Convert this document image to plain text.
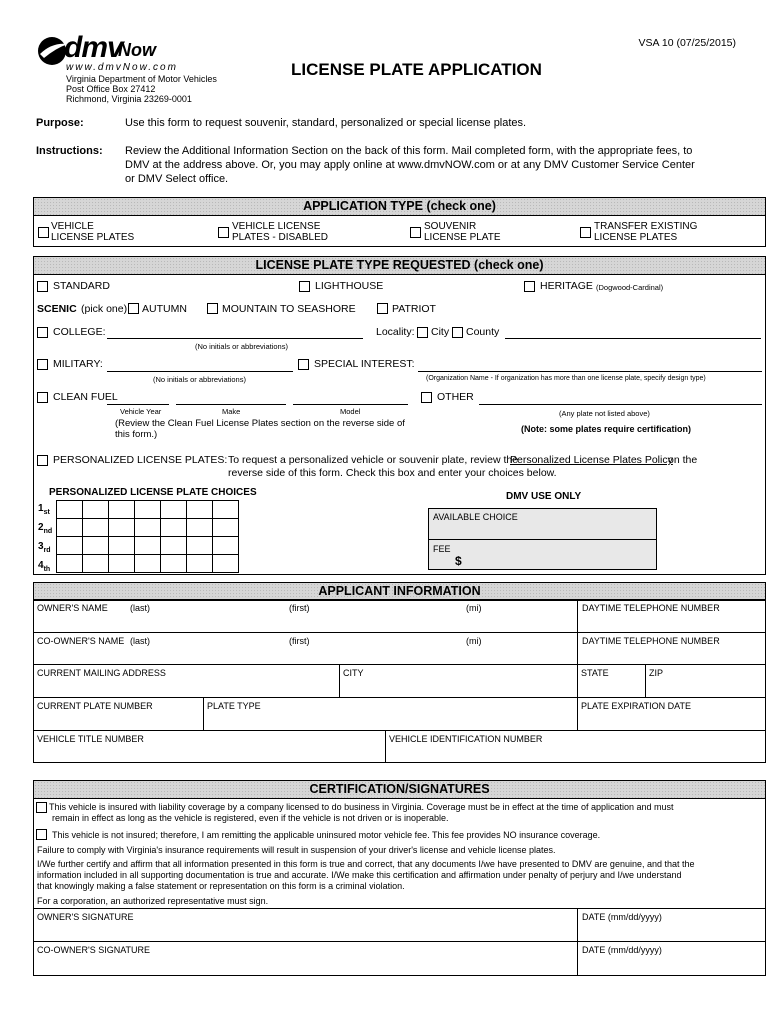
VSA 10 (07/25/2015)
dmv
Now
www.dmvNow.com
Virginia Department of Motor Vehicles
Post Office Box 27412
Richmond, Virginia 23269-0001
LICENSE PLATE APPLICATION
Purpose:	Use this form to request souvenir, standard, personalized or special license plates.
Instructions: Review the Additional Information Section on the back of this form. Mail completed form, with the appropriate fees, to
DMV at the address above. Or, you may apply online at www.dmvNOW.com or at any DMV Customer Service Center
or DMV Select office.
APPLICATION TYPE (check one)
VEHICLE
LICENSE PLATES
VEHICLE LICENSE
PLATES - DISABLED
SOUVENIR
LICENSE PLATE
TRANSFER EXISTING
LICENSE PLATES
LICENSE PLATE TYPE REQUESTED (check one)
STANDARD	LIGHTHOUSE	HERITAGE (Dogwood-Cardinal)
SCENIC (pick one) AUTUMN	MOUNTAIN TO SEASHORE	PATRIOT
COLLEGE:
(No initials or abbreviations)
Locality: City County
MILITARY:
(No initials or abbreviations)
SPECIAL INTEREST:
(Organization Name - If organization has more than one license plate, specify design type)
CLEAN FUEL
Vehicle Year	Make	Model
OTHER
(Any plate not listed above)
(Review the Clean Fuel License Plates section on the reverse side of
this form.)	(Note: some plates require certification)
PERSONALIZED LICENSE PLATES: To request a personalized vehicle or souvenir plate, review the
Personalized License Plates Policy
on the
reverse side of this form. Check this box and enter your choices below.
PERSONALIZED LICENSE PLATE CHOICES	DMV USE ONLY
$1_{st}$
$2_{nd}$
$3_{rd}$
$4_{th}$
AVAILABLE CHOICE
FEE
$
APPLICANT INFORMATION
OWNER'S NAME (last)	(first)	(mi)	DAYTIME TELEPHONE NUMBER
CO-OWNER'S NAME (last)	(first)	(mi)	DAYTIME TELEPHONE NUMBER
CURRENT MAILING ADDRESS	CITY	STATE	ZIP
CURRENT PLATE NUMBER	PLATE TYPE	PLATE EXPIRATION DATE
VEHICLE TITLE NUMBER	VEHICLE IDENTIFICATION NUMBER
CERTIFICATION/SIGNATURES
This vehicle is insured with liability coverage by a company licensed to do business in Virginia. Coverage must be in effect at the time of application and must
remain in effect as long as the vehicle is registered, even if the vehicle is not driven or is inoperable.
This vehicle is not insured; therefore, I am remitting the applicable uninsured motor vehicle fee. This fee provides NO insurance coverage.
Failure to comply with Virginia's insurance requirements will result in suspension of your driver's license and vehicle license plates.
I/We further certify and affirm that all information presented in this form is true and correct, that any documents I/we have presented to DMV are genuine, and that the
information included in all supporting documentation is true and accurate. I/We make this certification and affirmation under penalty of perjury and I/we understand
that knowingly making a false statement or representation on this form is a criminal violation.
For a corporation, an authorized representative must sign.
OWNER'S SIGNATURE	DATE (mm/dd/yyyy)
CO-OWNER'S SIGNATURE	DATE (mm/dd/yyyy)
